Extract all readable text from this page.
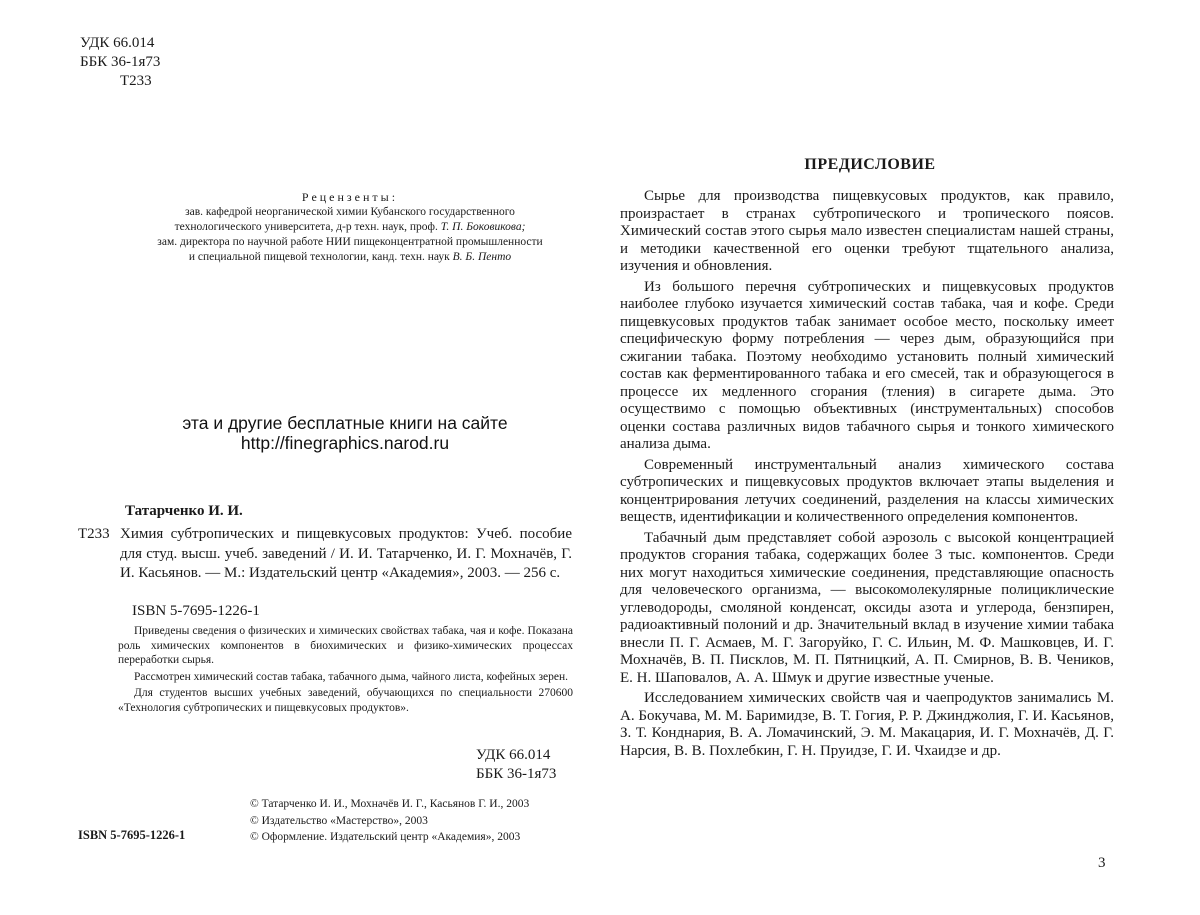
УДК 66.014
ББК 36-1я73
Т233
Рецензенты:
зав. кафедрой неорганической химии Кубанского государственного
технологического университета, д-р техн. наук, проф. Т. П. Боковикова;
зам. директора по научной работе НИИ пищеконцентратной промышленности
и специальной пищевой технологии, канд. техн. наук В. Б. Пенто
эта и другие бесплатные книги на сайте
http://finegraphics.narod.ru
Татарченко И. И.
Т233 Химия субтропических и пищевкусовых продуктов: Учеб. пособие для студ. высш. учеб. заведений / И. И. Татарченко, И. Г. Мохначёв, Г. И. Касьянов. — М.: Издательский центр «Академия», 2003. — 256 с.
ISBN 5-7695-1226-1

Приведены сведения о физических и химических свойствах табака, чая и кофе. Показана роль химических компонентов в биохимических и физико-химических процессах переработки сырья.

Рассмотрен химический состав табака, табачного дыма, чайного листа, кофейных зерен.

Для студентов высших учебных заведений, обучающихся по специальности 270600 «Технология субтропических и пищевкусовых продуктов».

УДК 66.014
ББК 36-1я73
© Татарченко И. И., Мохначёв И. Г., Касьянов Г. И., 2003
© Издательство «Мастерство», 2003
© Оформление. Издательский центр «Академия», 2003
ISBN 5-7695-1226-1
ПРЕДИСЛОВИЕ

Сырье для производства пищевкусовых продуктов, как правило, произрастает в странах субтропического и тропического поясов. Химический состав этого сырья мало известен специалистам нашей страны, и методики качественной его оценки требуют тщательного анализа, изучения и обновления.

Из большого перечня субтропических и пищевкусовых продуктов наиболее глубоко изучается химический состав табака, чая и кофе. Среди пищевкусовых продуктов табак занимает особое место, поскольку имеет специфическую форму потребления — через дым, образующийся при сжигании табака. Поэтому необходимо установить полный химический состав как ферментированного табака и его смесей, так и образующегося в процессе их медленного сгорания (тления) в сигарете дыма. Это осуществимо с помощью объективных (инструментальных) способов оценки состава различных видов табачного сырья и тонкого химического анализа дыма.

Современный инструментальный анализ химического состава субтропических и пищевкусовых продуктов включает этапы выделения и концентрирования летучих соединений, разделения на классы химических веществ, идентификации и количественного определения компонентов.

Табачный дым представляет собой аэрозоль с высокой концентрацией продуктов сгорания табака, содержащих более 3 тыс. компонентов. Среди них могут находиться химические соединения, представляющие опасность для человеческого организма, — высокомолекулярные полициклические углеводороды, смоляной конденсат, оксиды азота и углерода, бензпирен, радиоактивный полоний и др. Значительный вклад в изучение химии табака внесли П. Г. Асмаев, М. Г. Загоруйко, Г. С. Ильин, М. Ф. Машковцев, И. Г. Мохначёв, В. П. Писклов, М. П. Пятницкий, А. П. Смирнов, В. В. Чеников, Е. Н. Шаповалов, А. А. Шмук и другие известные ученые.

Исследованием химических свойств чая и чаепродуктов занимались М. А. Бокучава, М. М. Баримидзе, В. Т. Гогия, Р. Р. Джинджолия, Г. И. Касьянов, З. Т. Конднария, В. А. Ломачинский, Э. М. Макацария, И. Г. Мохначёв, Д. Г. Нарсия, В. В. Похлебкин, Г. Н. Пруидзе, Г. И. Чхаидзе и др.

3
